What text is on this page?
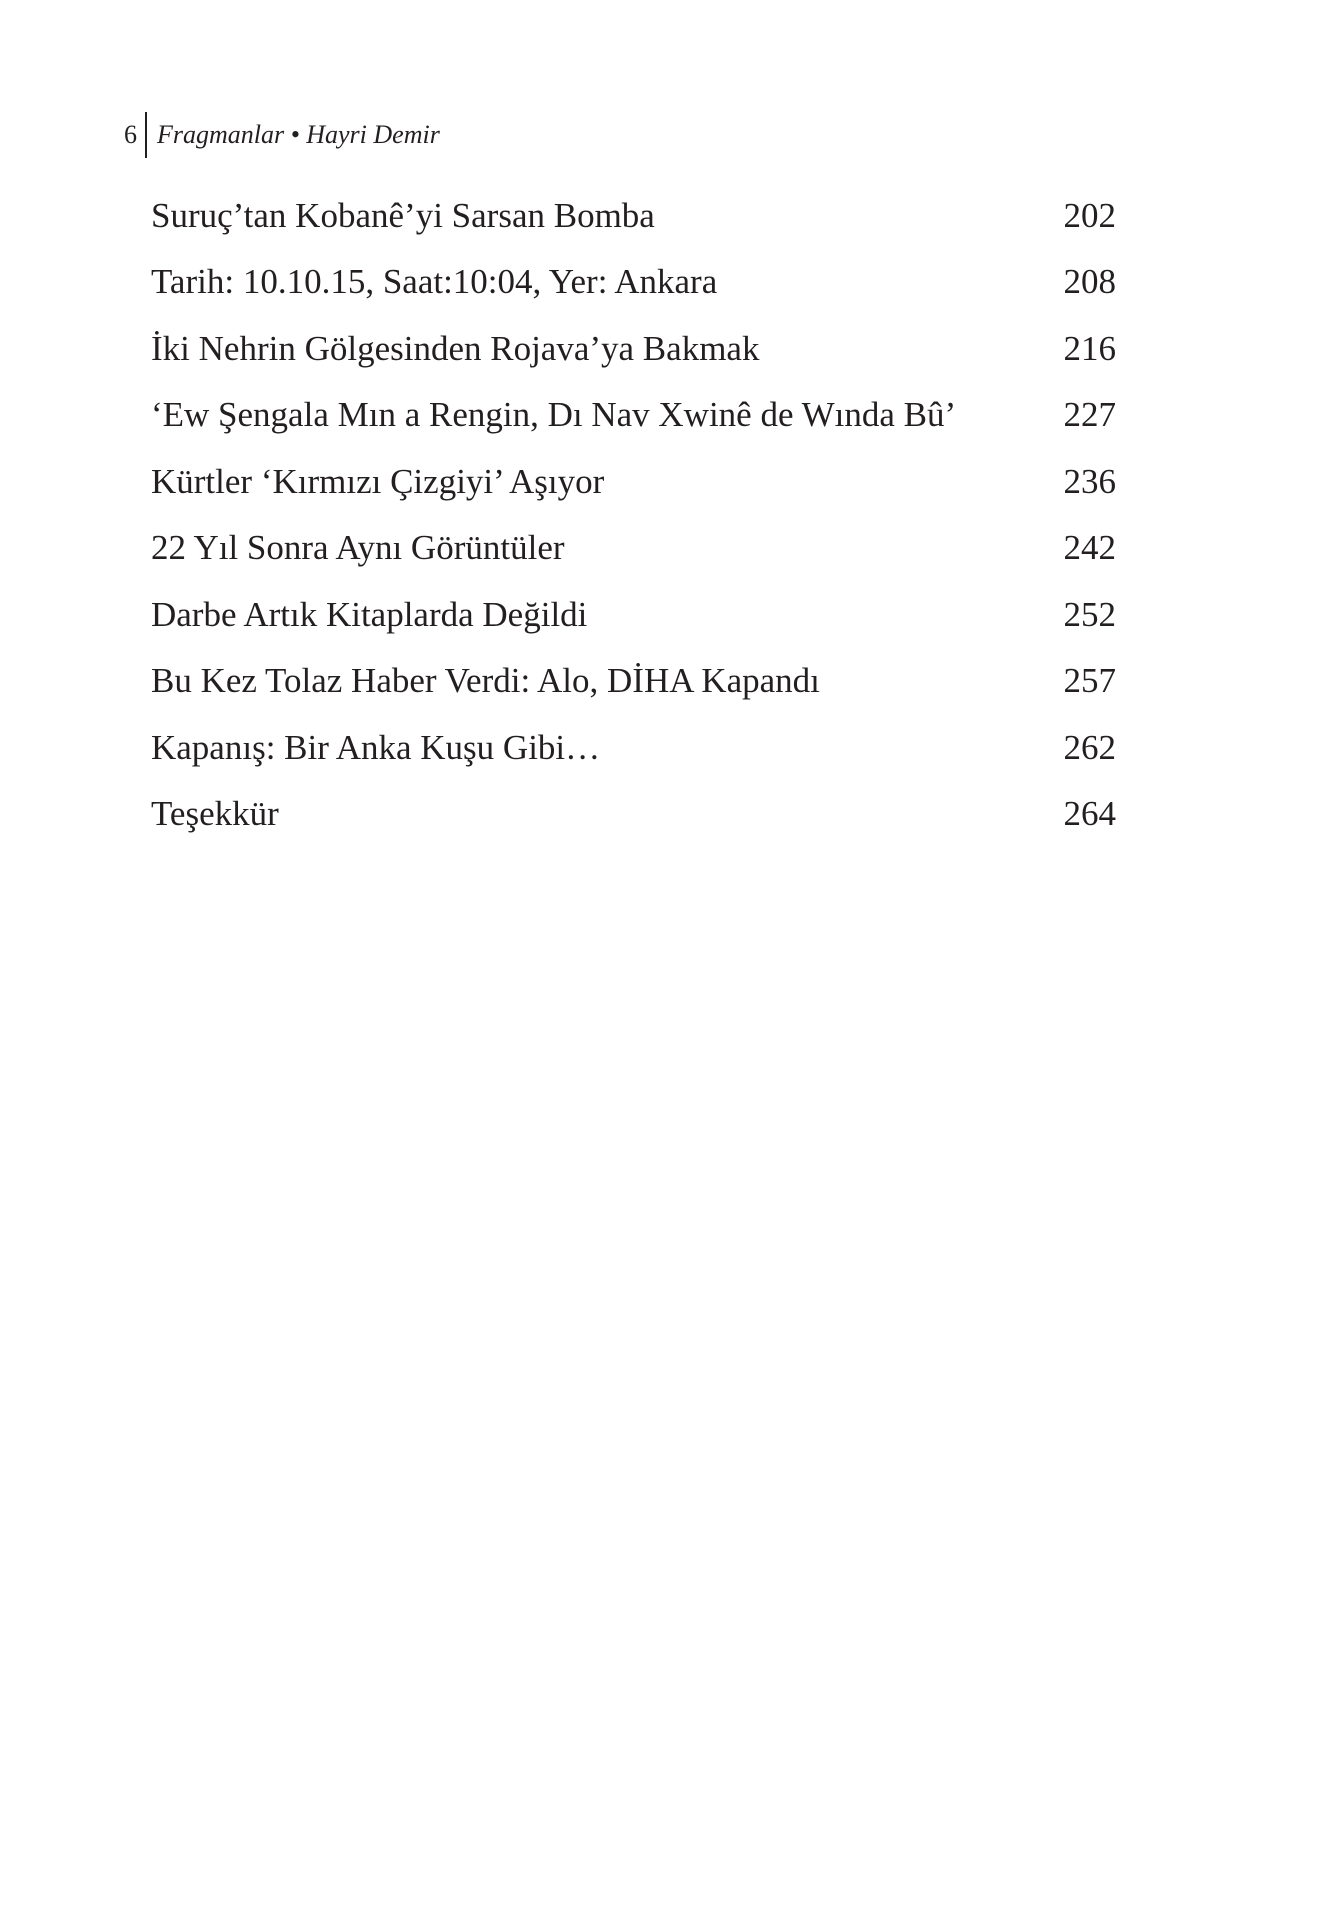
6 Fragmanlar • Hayri Demir
Suruç’tan Kobanê’yi Sarsan Bomba	202
Tarih: 10.10.15, Saat:10:04, Yer: Ankara	208
İki Nehrin Gölgesinden Rojava’ya Bakmak	216
‘Ew Şengala Mın a Rengin, Dı Nav Xwinê de Wında Bû’	227
Kürtler ‘Kırmızı Çizgiyi’ Aşıyor	236
22 Yıl Sonra Aynı Görüntüler	242
Darbe Artık Kitaplarda Değildi	252
Bu Kez Tolaz Haber Verdi: Alo, DİHA Kapandı	257
Kapanış: Bir Anka Kuşu Gibi…	262
Teşekkür	264
